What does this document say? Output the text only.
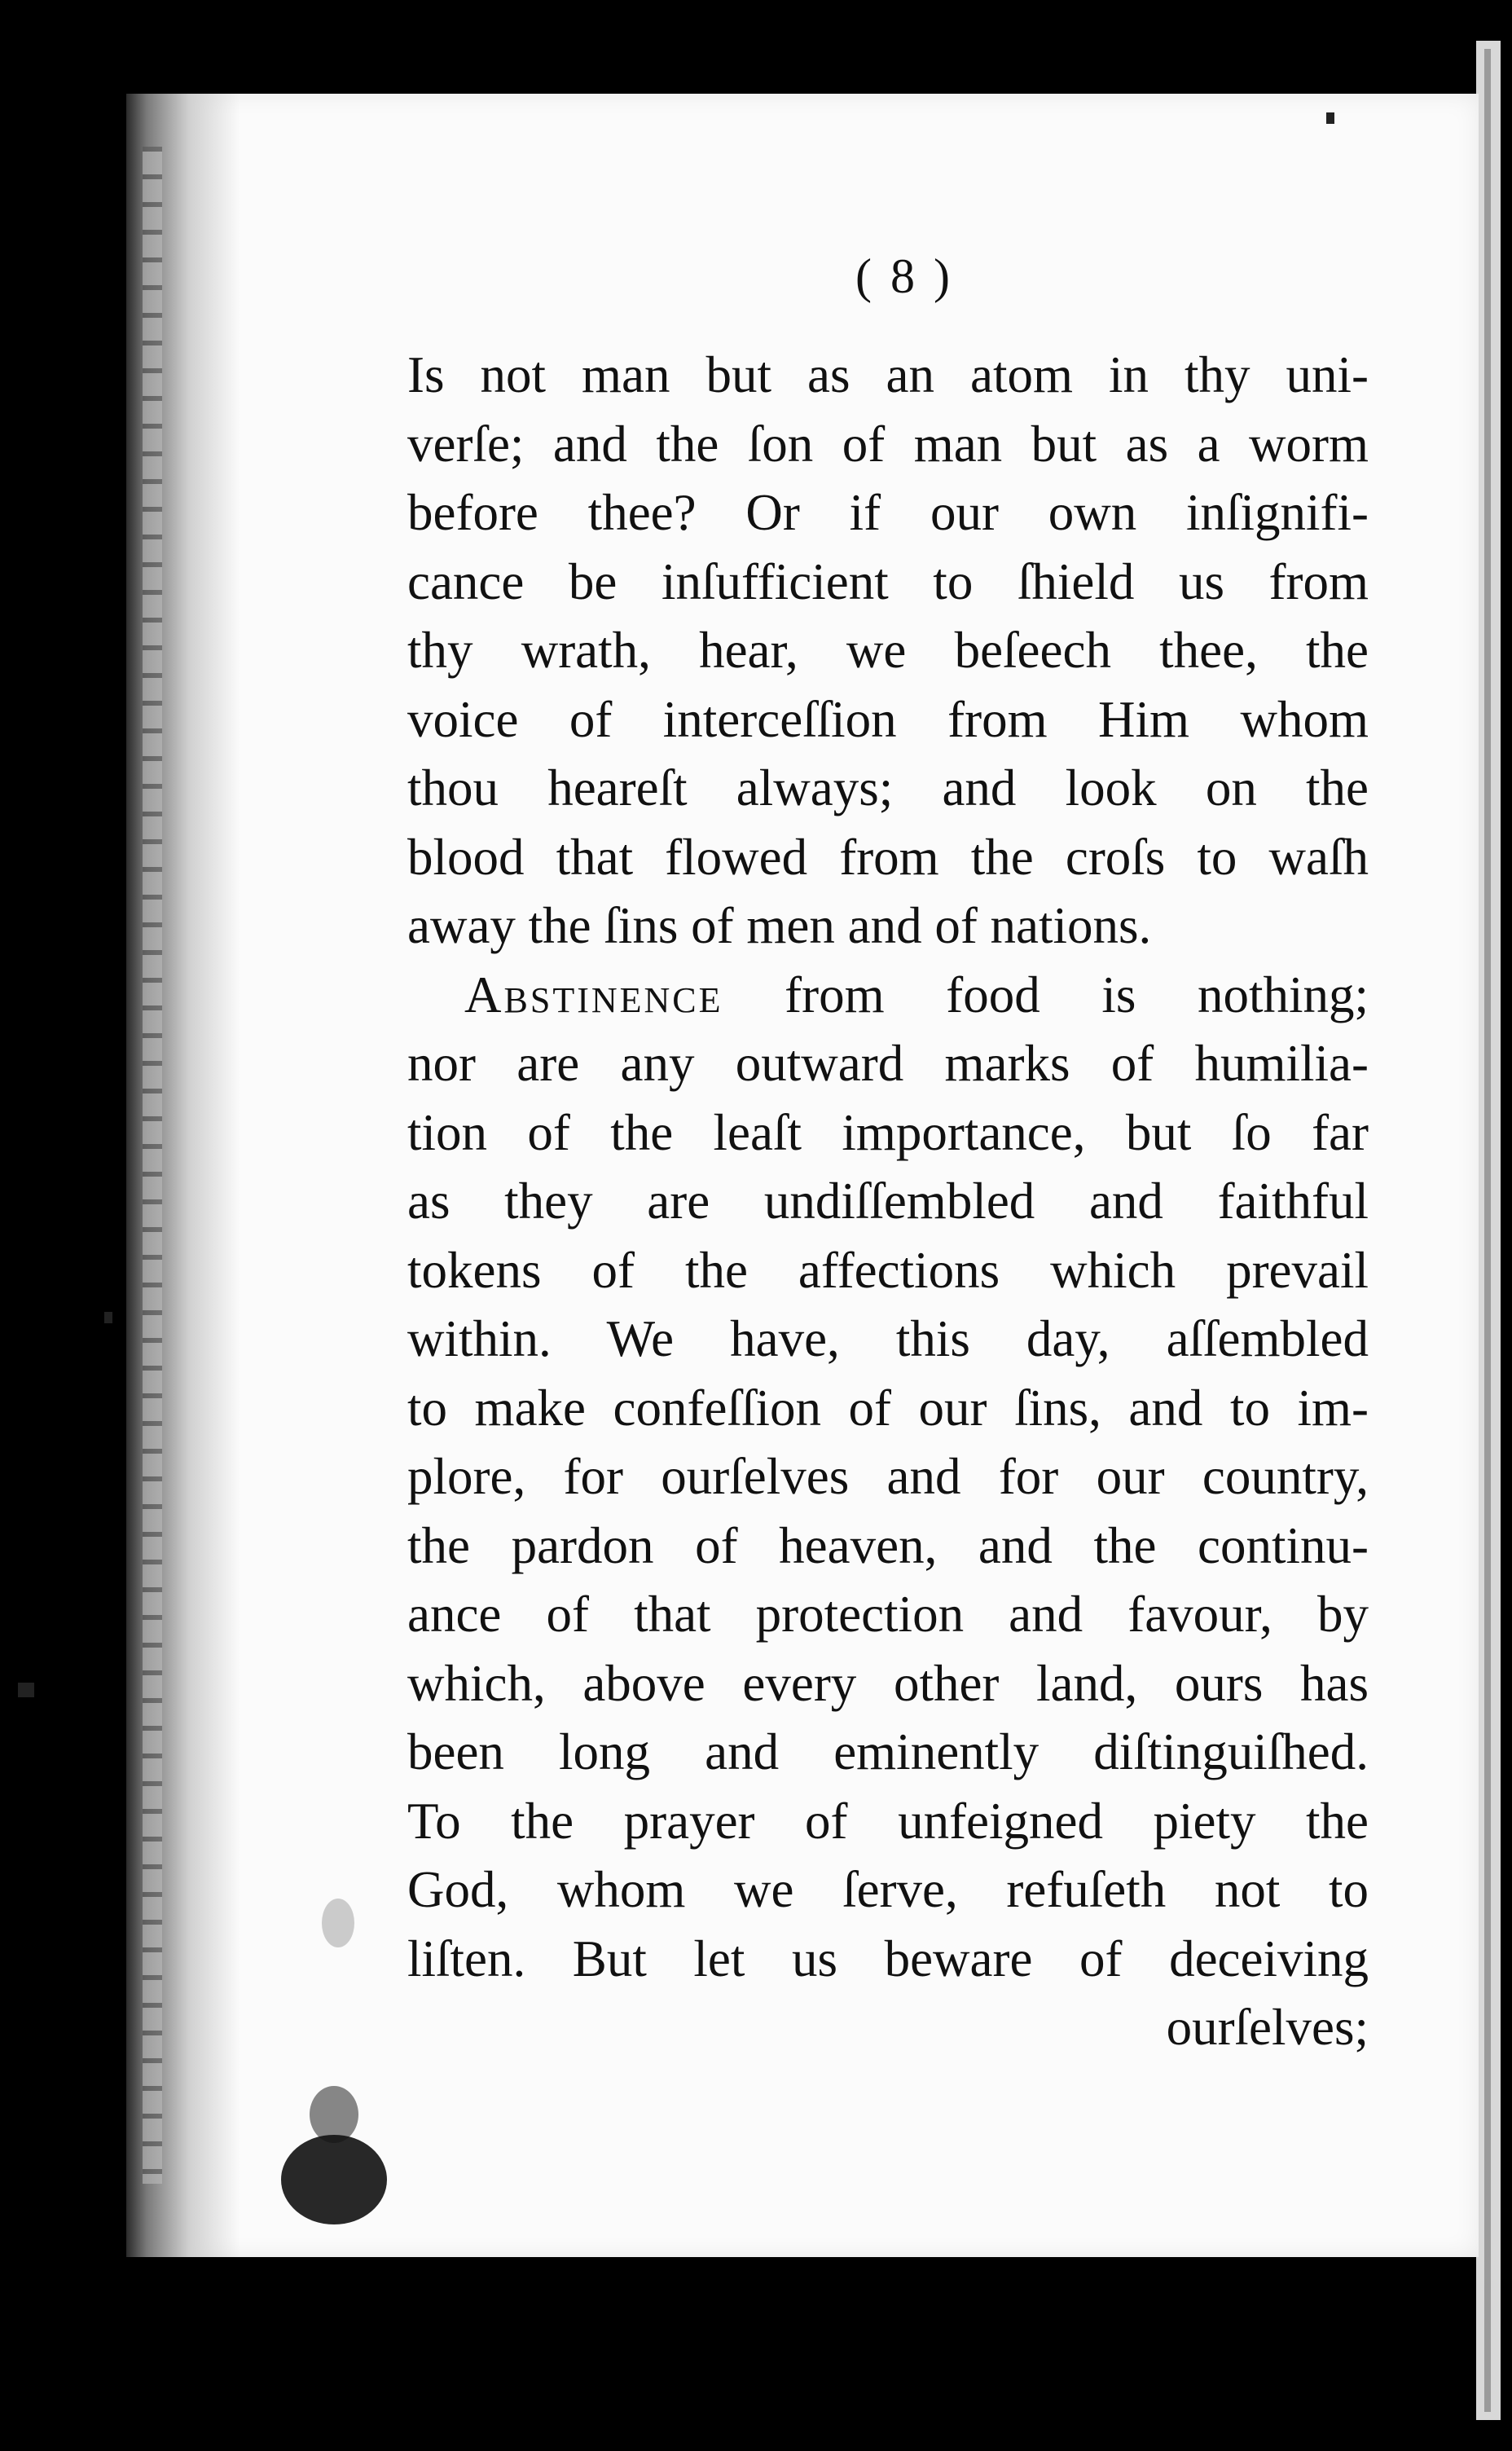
( 8 )
Is not man but as an atom in thy uni-
verſe; and the ſon of man but as a worm
before thee? Or if our own inſignifi-
cance be inſufficient to ſhield us from
thy wrath, hear, we beſeech thee, the
voice of interceſſion from Him whom
thou heareſt always; and look on the
blood that flowed from the croſs to waſh
away the ſins of men and of nations.
Abstinence from food is nothing;
nor are any outward marks of humilia-
tion of the leaſt importance, but ſo far
as they are undiſſembled and faithful
tokens of the affections which prevail
within. We have, this day, aſſembled
to make confeſſion of our ſins, and to im-
plore, for ourſelves and for our country,
the pardon of heaven, and the continu-
ance of that protection and favour, by
which, above every other land, ours has
been long and eminently diſtinguiſhed.
To the prayer of unfeigned piety the
God, whom we ſerve, refuſeth not to
liſten. But let us beware of deceiving
ourſelves;
